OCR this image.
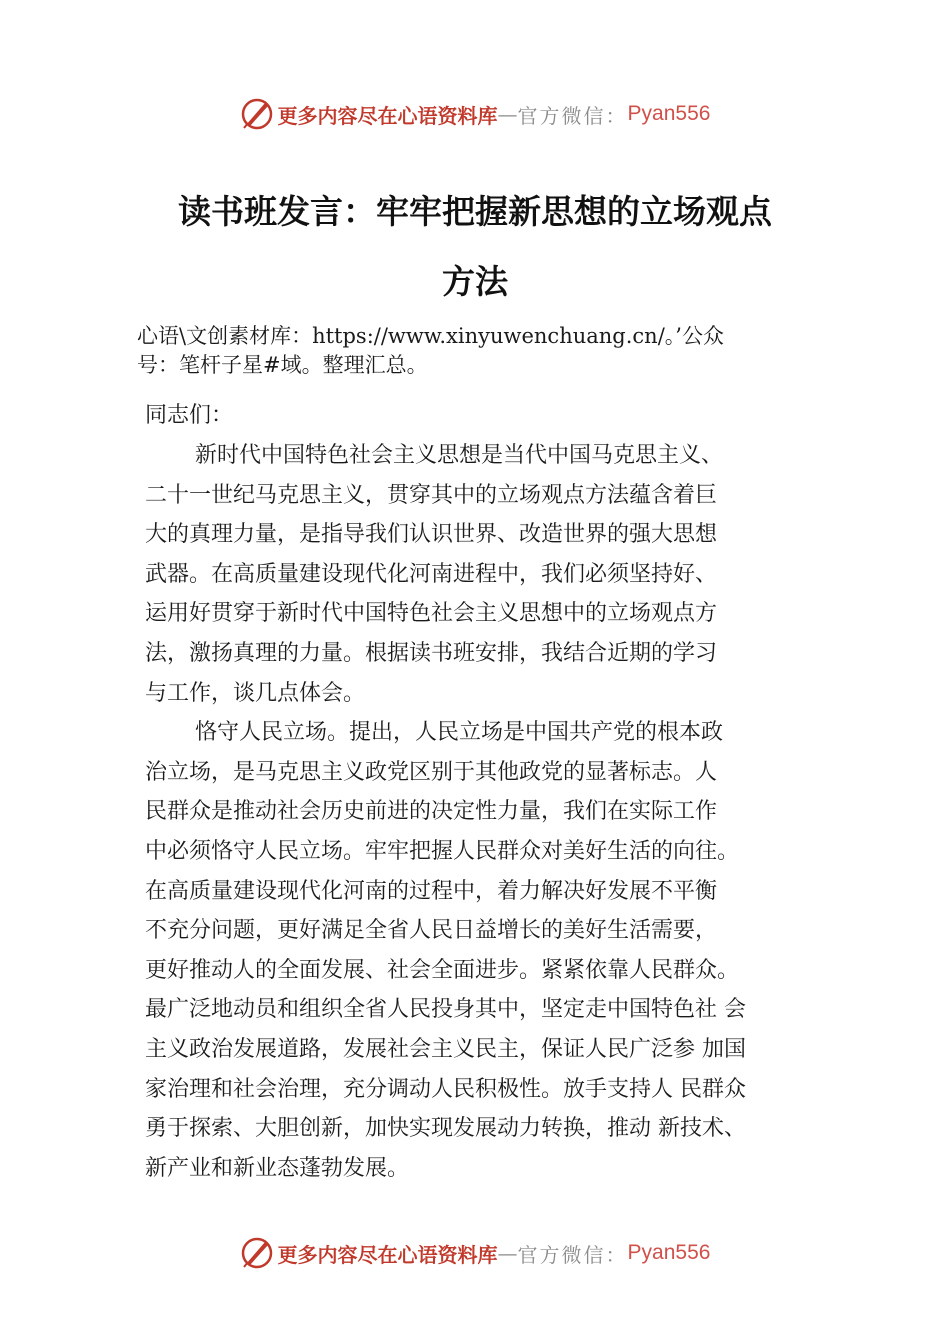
更多内容尽在心语资料库 — 官方微信： Pyan556
读书班发言：牢牢把握新思想的立场观点
方法
心语\文创素材库：https://www.xinyuwenchuang.cn/。’公众
号：笔杆子星#域。整理汇总。
同志们：
新时代中国特色社会主义思想是当代中国马克思主义、
二十一世纪马克思主义，贯穿其中的立场观点方法蕴含着巨
大的真理力量，是指导我们认识世界、改造世界的强大思想
武器。在高质量建设现代化河南进程中，我们必须坚持好、
运用好贯穿于新时代中国特色社会主义思想中的立场观点方
法，激扬真理的力量。根据读书班安排，我结合近期的学习
与工作，谈几点体会。
恪守人民立场。提出，人民立场是中国共产党的根本政
治立场，是马克思主义政党区别于其他政党的显著标志。人
民群众是推动社会历史前进的决定性力量，我们在实际工作
中必须恪守人民立场。牢牢把握人民群众对美好生活的向往。
在高质量建设现代化河南的过程中，着力解决好发展不平衡
不充分问题，更好满足全省人民日益增长的美好生活需要，
更好推动人的全面发展、社会全面进步。紧紧依靠人民群众。
最广泛地动员和组织全省人民投身其中，坚定走中国特色社 会
主义政治发展道路，发展社会主义民主，保证人民广泛参 加国
家治理和社会治理，充分调动人民积极性。放手支持人 民群众
勇于探索、大胆创新，加快实现发展动力转换，推动 新技术、
新产业和新业态蓬勃发展。
更多内容尽在心语资料库 — 官方微信： Pyan556
